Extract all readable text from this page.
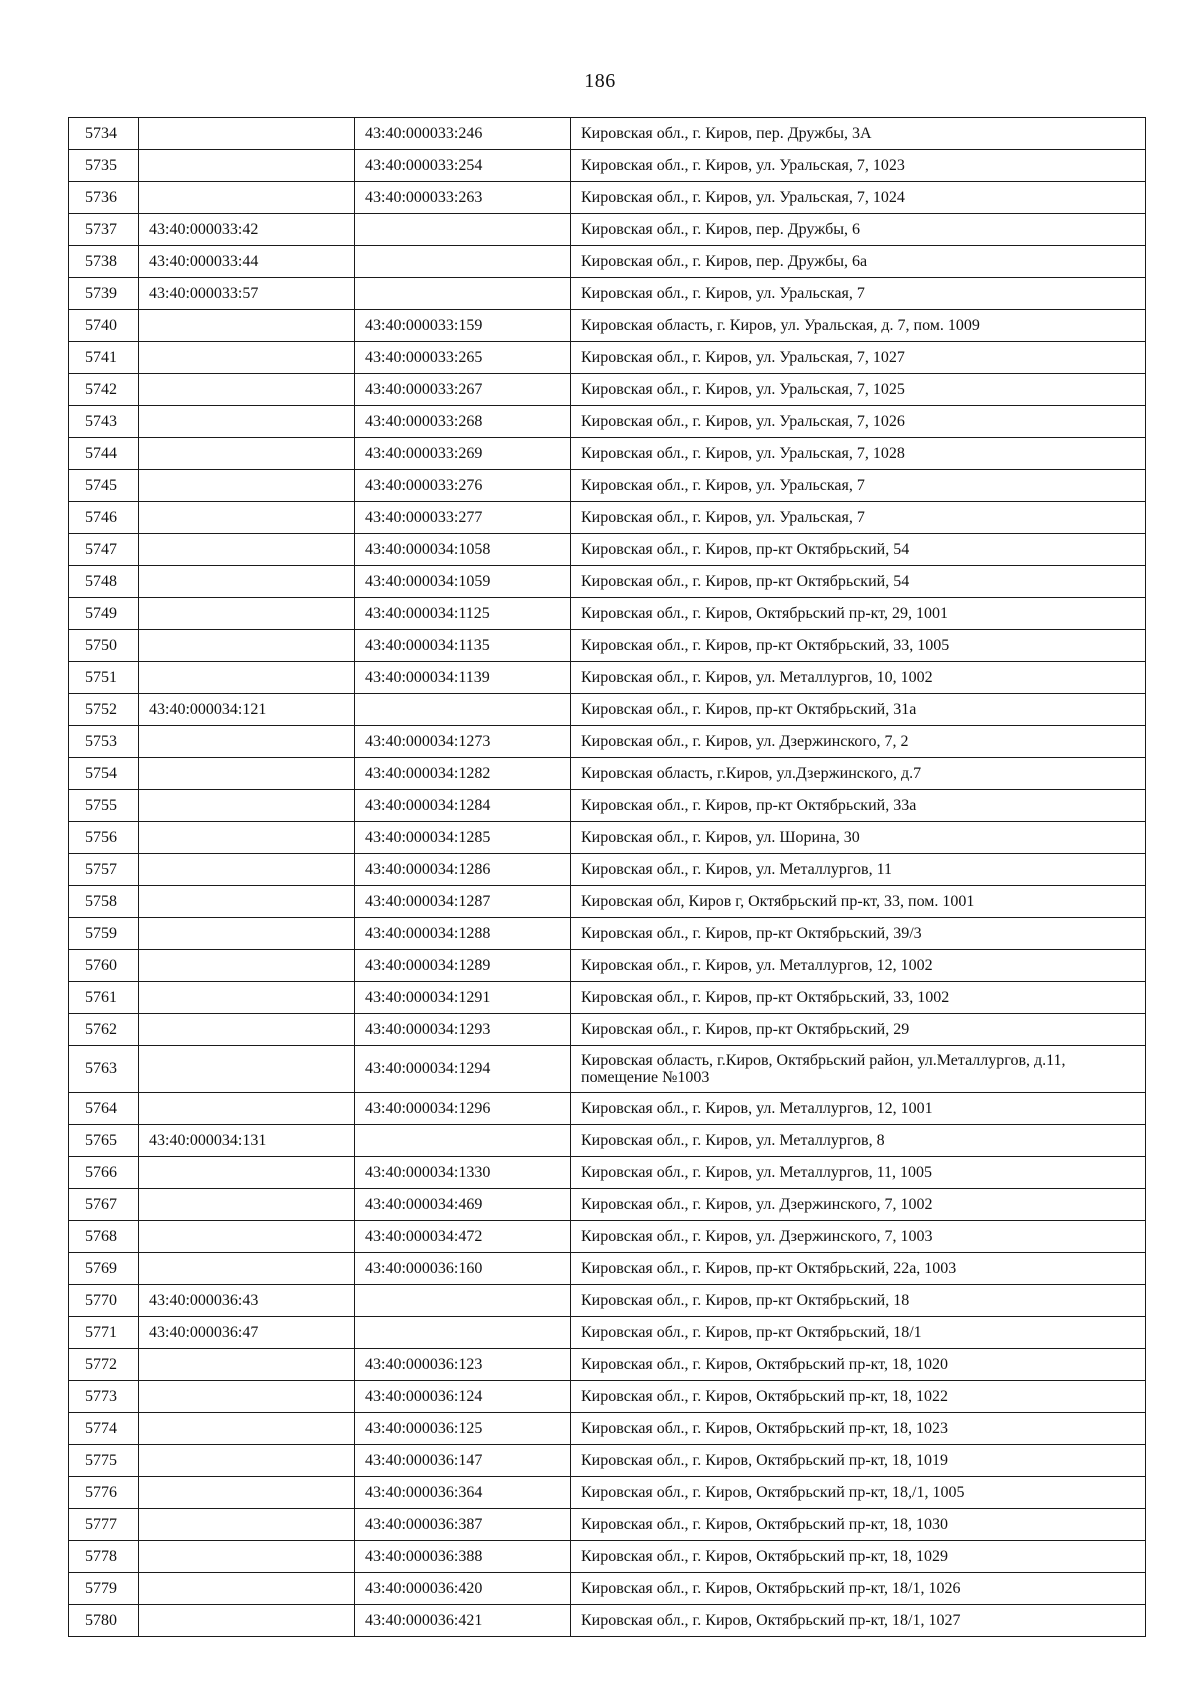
186
5734		43:40:000033:246	Кировская обл., г. Киров, пер. Дружбы, 3А
5735		43:40:000033:254	Кировская обл., г. Киров, ул. Уральская, 7, 1023
5736		43:40:000033:263	Кировская обл., г. Киров, ул. Уральская, 7, 1024
5737	43:40:000033:42		Кировская обл., г. Киров, пер. Дружбы, 6
5738	43:40:000033:44		Кировская обл., г. Киров, пер. Дружбы, 6а
5739	43:40:000033:57		Кировская обл., г. Киров, ул. Уральская, 7
5740		43:40:000033:159	Кировская область, г. Киров, ул. Уральская, д. 7, пом. 1009
5741		43:40:000033:265	Кировская обл., г. Киров, ул. Уральская, 7, 1027
5742		43:40:000033:267	Кировская обл., г. Киров, ул. Уральская, 7, 1025
5743		43:40:000033:268	Кировская обл., г. Киров, ул. Уральская, 7, 1026
5744		43:40:000033:269	Кировская обл., г. Киров, ул. Уральская, 7, 1028
5745		43:40:000033:276	Кировская обл., г. Киров, ул. Уральская, 7
5746		43:40:000033:277	Кировская обл., г. Киров, ул. Уральская, 7
5747		43:40:000034:1058	Кировская обл., г. Киров, пр-кт Октябрьский, 54
5748		43:40:000034:1059	Кировская обл., г. Киров, пр-кт Октябрьский, 54
5749		43:40:000034:1125	Кировская обл., г. Киров, Октябрьский пр-кт, 29, 1001
5750		43:40:000034:1135	Кировская обл., г. Киров, пр-кт Октябрьский, 33, 1005
5751		43:40:000034:1139	Кировская обл., г. Киров, ул. Металлургов, 10, 1002
5752	43:40:000034:121		Кировская обл., г. Киров, пр-кт Октябрьский, 31а
5753		43:40:000034:1273	Кировская обл., г. Киров, ул. Дзержинского, 7, 2
5754		43:40:000034:1282	Кировская область, г.Киров, ул.Дзержинского, д.7
5755		43:40:000034:1284	Кировская обл., г. Киров, пр-кт Октябрьский, 33а
5756		43:40:000034:1285	Кировская обл., г. Киров, ул. Шорина, 30
5757		43:40:000034:1286	Кировская обл., г. Киров, ул. Металлургов, 11
5758		43:40:000034:1287	Кировская обл, Киров г, Октябрьский пр-кт, 33, пом. 1001
5759		43:40:000034:1288	Кировская обл., г. Киров, пр-кт Октябрьский, 39/3
5760		43:40:000034:1289	Кировская обл., г. Киров, ул. Металлургов, 12, 1002
5761		43:40:000034:1291	Кировская обл., г. Киров, пр-кт Октябрьский, 33, 1002
5762		43:40:000034:1293	Кировская обл., г. Киров, пр-кт Октябрьский, 29
5763		43:40:000034:1294	Кировская область, г.Киров, Октябрьский район, ул.Металлургов, д.11, помещение №1003
5764		43:40:000034:1296	Кировская обл., г. Киров, ул. Металлургов, 12, 1001
5765	43:40:000034:131		Кировская обл., г. Киров, ул. Металлургов, 8
5766		43:40:000034:1330	Кировская обл., г. Киров, ул. Металлургов, 11, 1005
5767		43:40:000034:469	Кировская обл., г. Киров, ул. Дзержинского, 7, 1002
5768		43:40:000034:472	Кировская обл., г. Киров, ул. Дзержинского, 7, 1003
5769		43:40:000036:160	Кировская обл., г. Киров, пр-кт Октябрьский, 22а, 1003
5770	43:40:000036:43		Кировская обл., г. Киров, пр-кт Октябрьский, 18
5771	43:40:000036:47		Кировская обл., г. Киров, пр-кт Октябрьский, 18/1
5772		43:40:000036:123	Кировская обл., г. Киров, Октябрьский пр-кт, 18, 1020
5773		43:40:000036:124	Кировская обл., г. Киров, Октябрьский пр-кт, 18, 1022
5774		43:40:000036:125	Кировская обл., г. Киров, Октябрьский пр-кт, 18, 1023
5775		43:40:000036:147	Кировская обл., г. Киров, Октябрьский пр-кт, 18, 1019
5776		43:40:000036:364	Кировская обл., г. Киров, Октябрьский пр-кт, 18,/1, 1005
5777		43:40:000036:387	Кировская обл., г. Киров, Октябрьский пр-кт, 18, 1030
5778		43:40:000036:388	Кировская обл., г. Киров, Октябрьский пр-кт, 18, 1029
5779		43:40:000036:420	Кировская обл., г. Киров, Октябрьский пр-кт, 18/1, 1026
5780		43:40:000036:421	Кировская обл., г. Киров, Октябрьский пр-кт, 18/1, 1027
